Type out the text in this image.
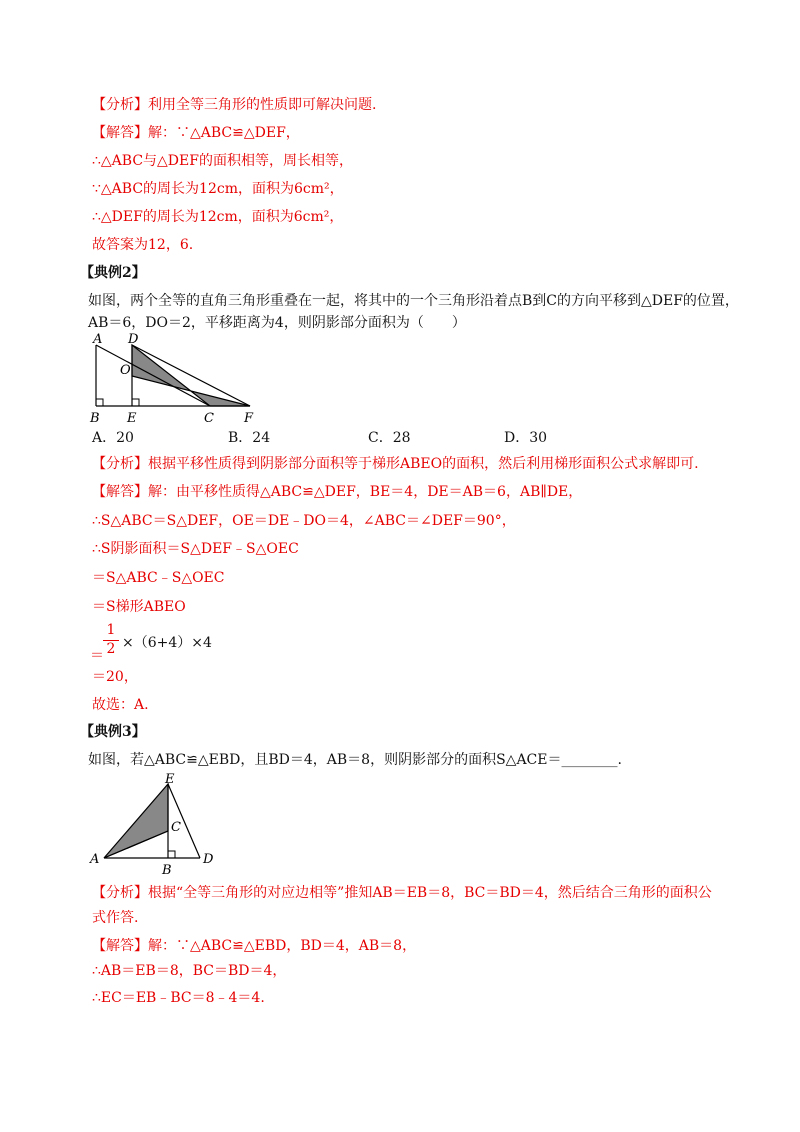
【分析】利用全等三角形的性质即可解决问题.
【解答】解：∵△ABC≌△DEF，
∴△ABC与△DEF的面积相等，周长相等，
∵△ABC的周长为12cm，面积为6cm²，
∴△DEF的周长为12cm，面积为6cm²，
故答案为12，6.
【典例2】
如图，两个全等的直角三角形重叠在一起，将其中的一个三角形沿着点B到C的方向平移到△DEF的位置，
AB＝6，DO＝2，平移距离为4，则阴影部分面积为（　　）
A D
O
B E	C F
A．20	B．24	C．28	D．30
【分析】根据平移性质得到阴影部分面积等于梯形ABEO的面积，然后利用梯形面积公式求解即可.
【解答】解：由平移性质得△ABC≌△DEF，BE＝4，DE＝AB＝6，AB∥DE，
∴S△ABC＝S△DEF，OE＝DE﹣DO＝4，∠ABC＝∠DEF＝90°，
∴S阴影面积＝S△DEF﹣S△OEC
＝S△ABC﹣S△OEC
＝S梯形ABEO
1
2
＝
×（6+4）×4
＝20，
故选：A.
【典例3】
如图，若△ABC≌△EBD，且BD＝4，AB＝8，则阴影部分的面积S△ACE＝________.
E
C
A
B
D
【分析】根据“全等三角形的对应边相等”推知AB＝EB＝8，BC＝BD＝4，然后结合三角形的面积公
式作答.
【解答】解：∵△ABC≌△EBD，BD＝4，AB＝8，
∴AB＝EB＝8，BC＝BD＝4，
∴EC＝EB﹣BC＝8﹣4＝4.
